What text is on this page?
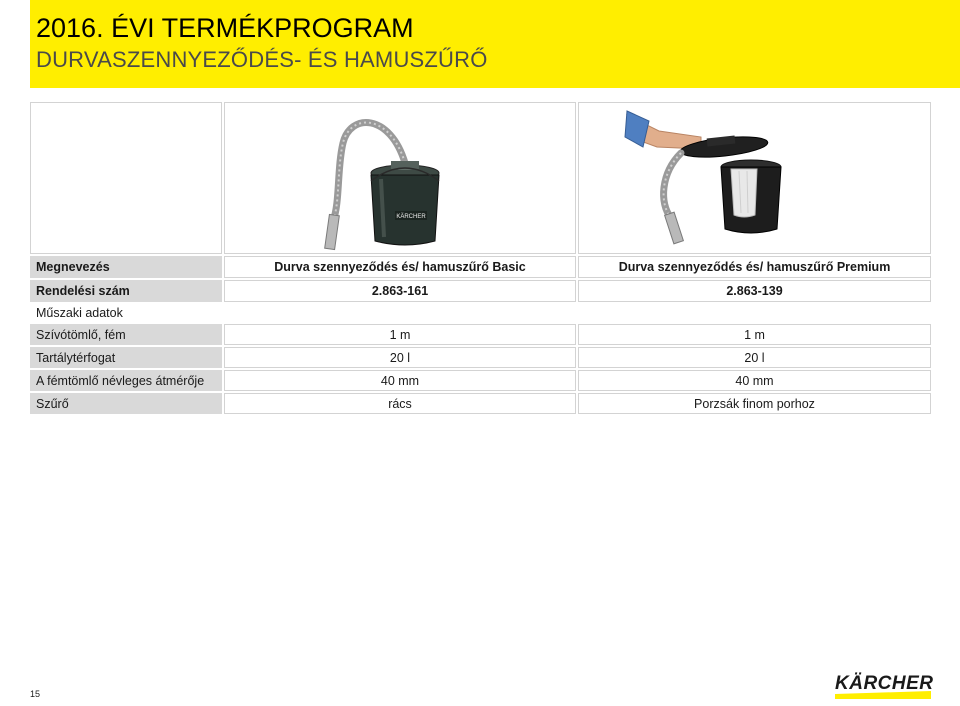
2016. ÉVI TERMÉKPROGRAM
DURVASZENNYEZŐDÉS- ÉS HAMUSZŰRŐ
KÄRCHER
Megnevezés	Durva szennyeződés és/ hamuszűrő Basic	Durva szennyeződés és/ hamuszűrő Premium
Rendelési szám	2.863-161	2.863-139
Műszaki adatok
Szívótömlő, fém	1 m	1 m
Tartálytérfogat	20 l	20 l
A fémtömlő névleges átmérője	40 mm	40 mm
Szűrő	rács	Porzsák finom porhoz
15	KÄRCHER
